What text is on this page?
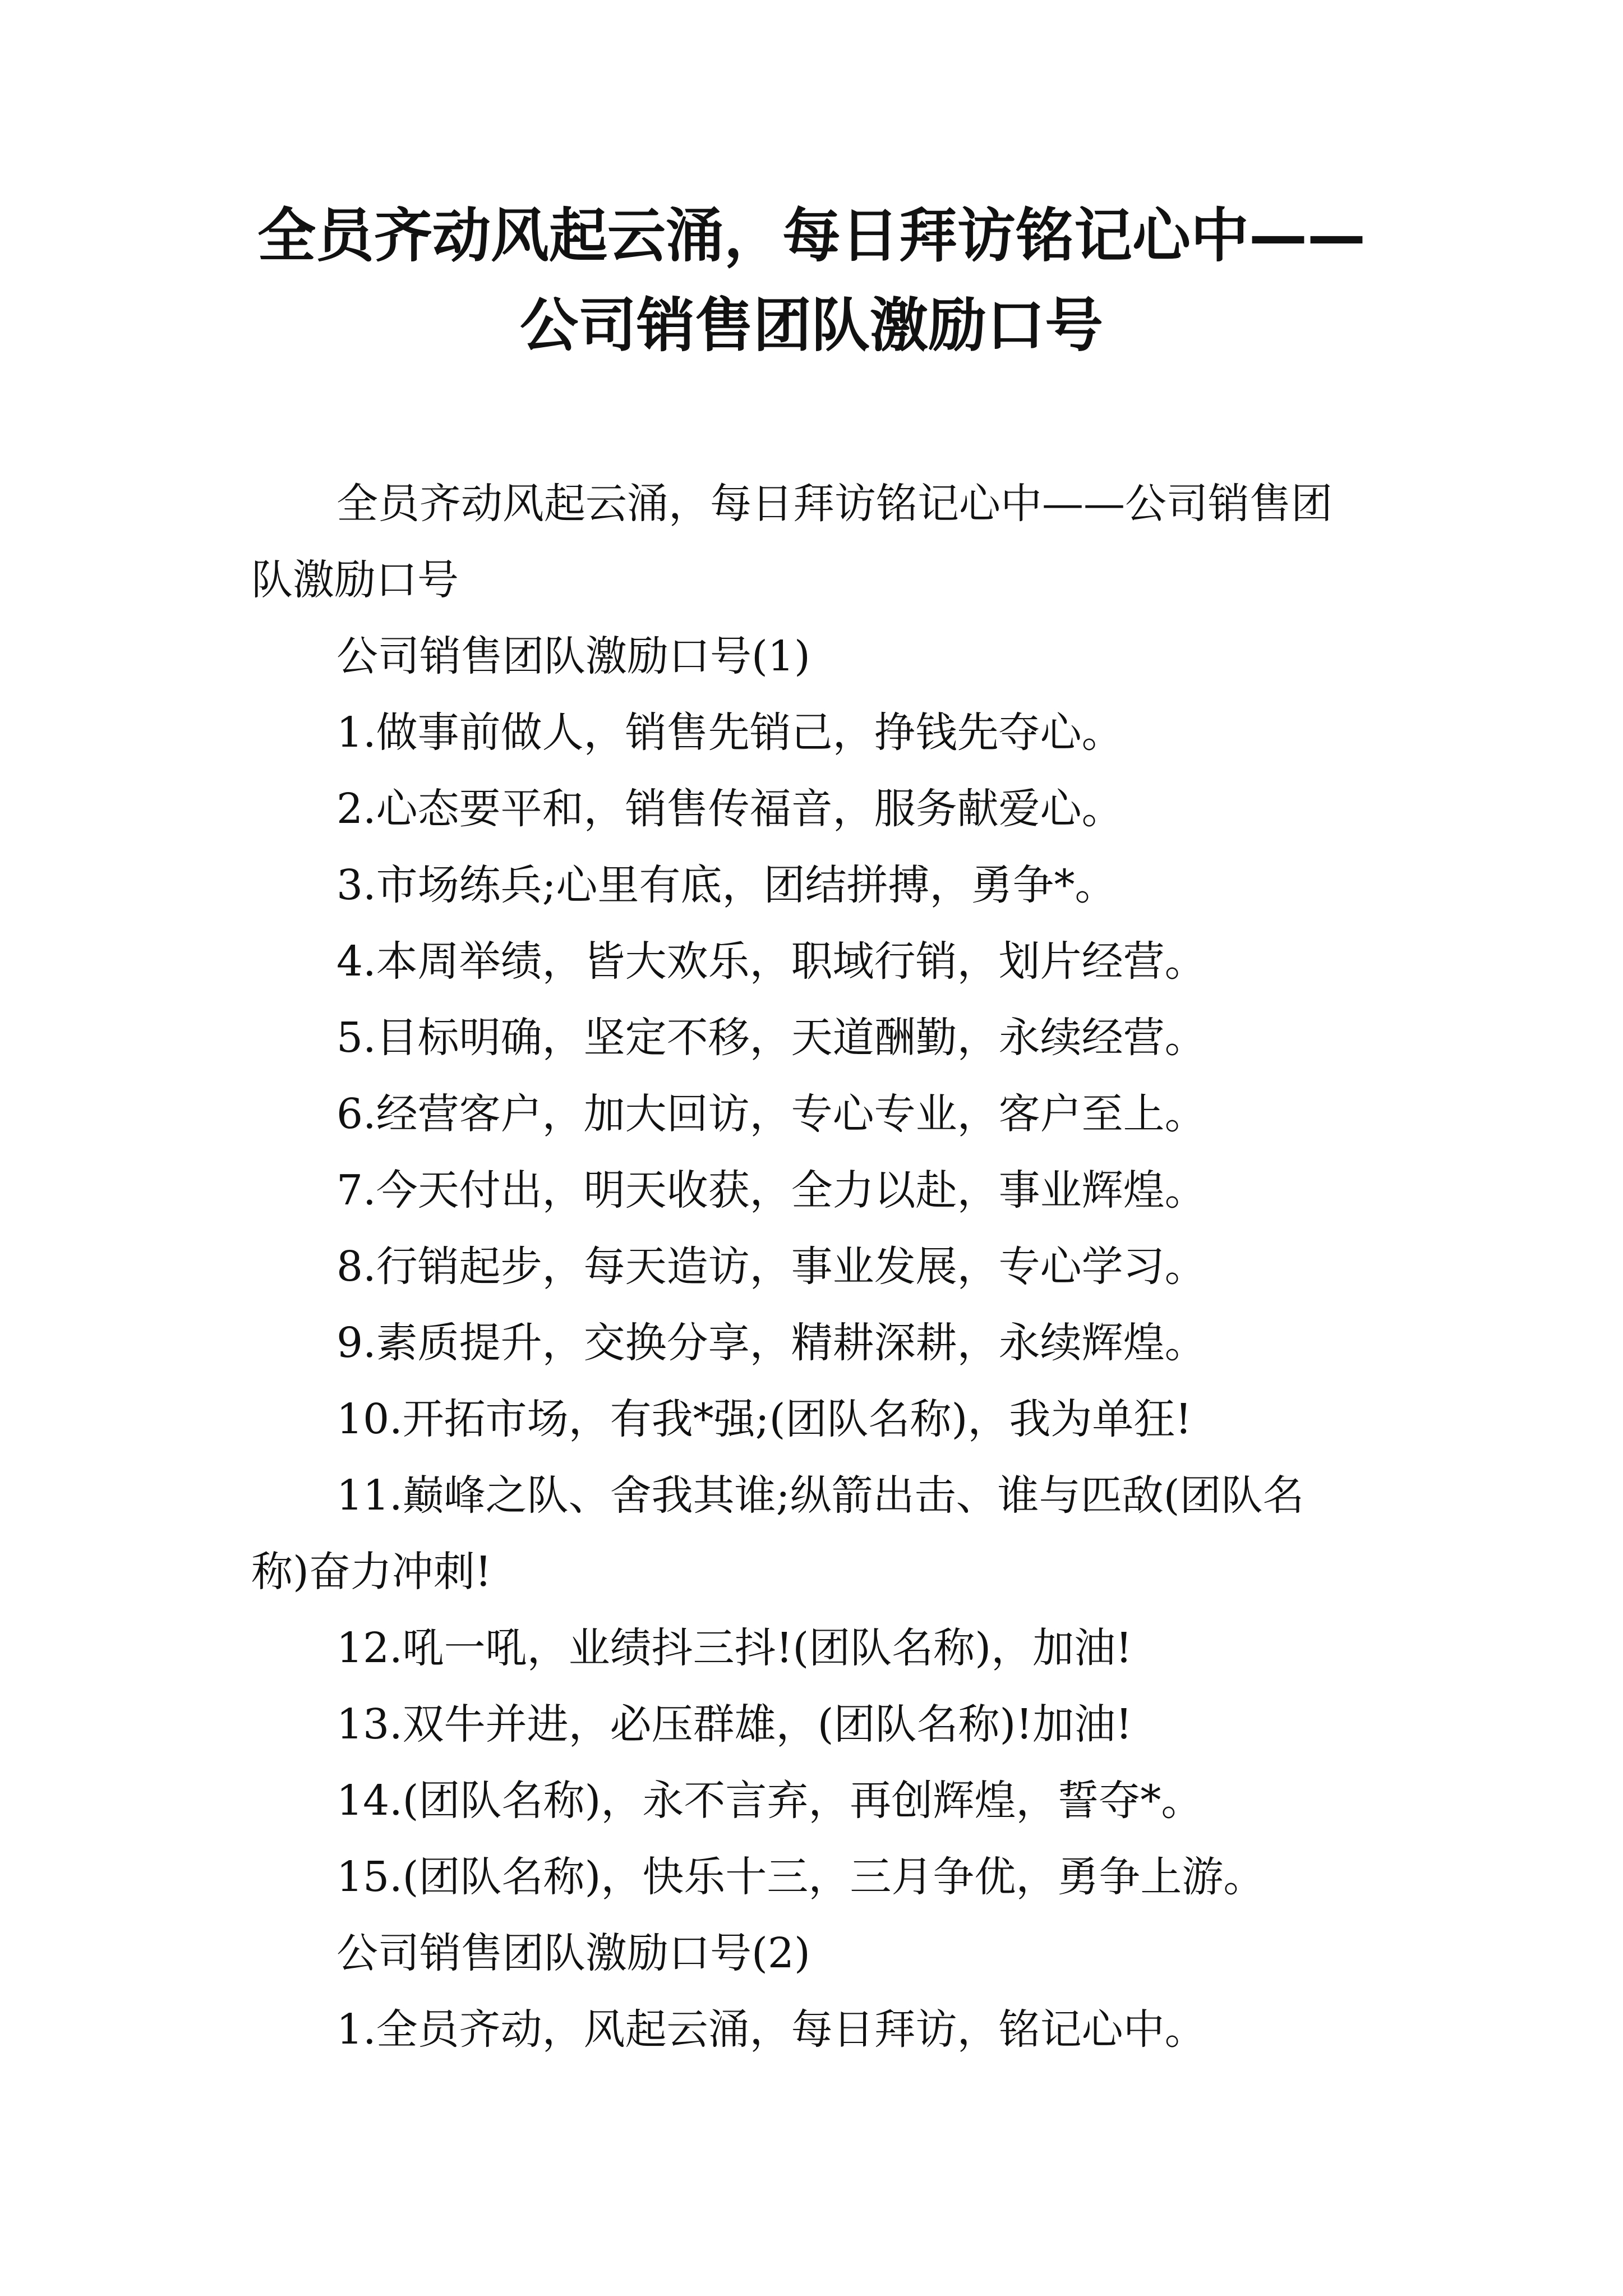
全员齐动风起云涌，每日拜访铭记心中——
公司销售团队激励口号

全员齐动风起云涌，每日拜访铭记心中——公司销售团

队激励口号

公司销售团队激励口号(1)

1.做事前做人，销售先销己，挣钱先夺心。

2.心态要平和，销售传福音，服务献爱心。

3.市场练兵;心里有底，团结拼搏，勇争*。

4.本周举绩，皆大欢乐，职域行销，划片经营。

5.目标明确，坚定不移，天道酬勤，永续经营。

6.经营客户，加大回访，专心专业，客户至上。

7.今天付出，明天收获，全力以赴，事业辉煌。

8.行销起步，每天造访，事业发展，专心学习。

9.素质提升，交换分享，精耕深耕，永续辉煌。

10.开拓市场，有我*强;(团队名称)，我为单狂!

11.巅峰之队、舍我其谁;纵箭出击、谁与匹敌(团队名

称)奋力冲刺!

12.吼一吼，业绩抖三抖!(团队名称)，加油!

13.双牛并进，必压群雄，(团队名称)!加油!

14.(团队名称)，永不言弃，再创辉煌，誓夺*。

15.(团队名称)，快乐十三，三月争优，勇争上游。

公司销售团队激励口号(2)

1.全员齐动，风起云涌，每日拜访，铭记心中。
